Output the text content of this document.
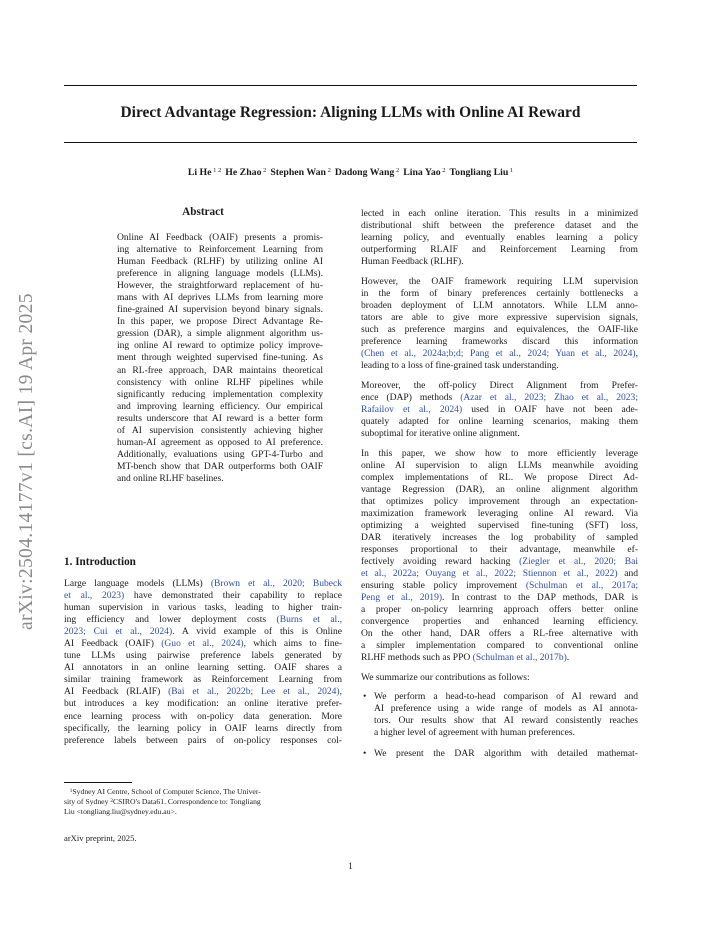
Direct Advantage Regression: Aligning LLMs with Online AI Reward
Li He $^{1 2}$ He Zhao $^2$ Stephen Wan $^2$ Dadong Wang $^2$ Lina Yao $^2$ Tongliang Liu $^1$
arXiv:2504.14177v1 [cs.AI] 19 Apr 2025
Abstract
Online AI Feedback (OAIF) presents a promis-
ing alternative to Reinforcement Learning from
Human Feedback (RLHF) by utilizing online AI
preference in aligning language models (LLMs).
However, the straightforward replacement of hu-
mans with AI deprives LLMs from learning more
fine-grained AI supervision beyond binary signals.
In this paper, we propose Direct Advantage Re-
gression (DAR), a simple alignment algorithm us-
ing online AI reward to optimize policy improve-
ment through weighted supervised fine-tuning. As
an RL-free approach, DAR maintains theoretical
consistency with online RLHF pipelines while
significantly reducing implementation complexity
and improving learning efficiency. Our empirical
results underscore that AI reward is a better form
of AI supervision consistently achieving higher
human-AI agreement as opposed to AI preference.
Additionally, evaluations using GPT-4-Turbo and
MT-bench show that DAR outperforms both OAIF
and online RLHF baselines.
1. Introduction
Large language models (LLMs) (Brown et al., 2020; Bubeck
et al., 2023) have demonstrated their capability to replace
human supervision in various tasks, leading to higher train-
ing efficiency and lower deployment costs (Burns et al.,
2023; Cui et al., 2024). A vivid example of this is Online
AI Feedback (OAIF) (Guo et al., 2024), which aims to fine-
tune LLMs using pairwise preference labels generated by
AI annotators in an online learning setting. OAIF shares a
similar training framework as Reinforcement Learning from
AI Feedback (RLAIF) (Bai et al., 2022b; Lee et al., 2024),
but introduces a key modification: an online iterative prefer-
ence learning process with on-policy data generation. More
specifically, the learning policy in OAIF learns directly from
preference labels between pairs of on-policy responses col-
$^1$Sydney AI Centre, School of Computer Science, The Univer-
sity of Sydney $^2$CSIRO's Data61. Correspondence to: Tongliang
Liu <tongliang.liu@sydney.edu.au>.
arXiv preprint, 2025.

lected in each online iteration. This results in a minimized
distributional shift between the preference dataset and the
learning policy, and eventually enables learning a policy
outperforming RLAIF and Reinforcement Learning from
Human Feedback (RLHF).

However, the OAIF framework requiring LLM supervision
in the form of binary preferences certainly bottlenecks a
broaden deployment of LLM annotators. While LLM anno-
tators are able to give more expressive supervision signals,
such as preference margins and equivalences, the OAIF-like
preference learning frameworks discard this information
(Chen et al., 2024a;b;d; Pang et al., 2024; Yuan et al., 2024),
leading to a loss of fine-grained task understanding.

Moreover, the off-policy Direct Alignment from Prefer-
ence (DAP) methods (Azar et al., 2023; Zhao et al., 2023;
Rafailov et al., 2024) used in OAIF have not been ade-
quately adapted for online learning scenarios, making them
suboptimal for iterative online alignment.

In this paper, we show how to more efficiently leverage
online AI supervision to align LLMs meanwhile avoiding
complex implementations of RL. We propose Direct Ad-
vantage Regression (DAR), an online alignment algorithm
that optimizes policy improvement through an expectation-
maximization framework leveraging online AI reward. Via
optimizing a weighted supervised fine-tuning (SFT) loss,
DAR iteratively increases the log probability of sampled
responses proportional to their advantage, meanwhile ef-
fectively avoiding reward hacking (Ziegler et al., 2020; Bai
et al., 2022a; Ouyang et al., 2022; Stiennon et al., 2022) and
ensuring stable policy improvement (Schulman et al., 2017a;
Peng et al., 2019). In contrast to the DAP methods, DAR is
a proper on-policy learnring approach offers better online
convergence properties and enhanced learning efficiency.
On the other hand, DAR offers a RL-free alternative with
a simpler implementation compared to conventional online
RLHF methods such as PPO (Schulman et al., 2017b).

We summarize our contributions as follows:

• We perform a head-to-head comparison of AI reward and
AI preference using a wide range of models as AI annota-
tors. Our results show that AI reward consistently reaches
a higher level of agreement with human preferences.
• We present the DAR algorithm with detailed mathemat-
1
